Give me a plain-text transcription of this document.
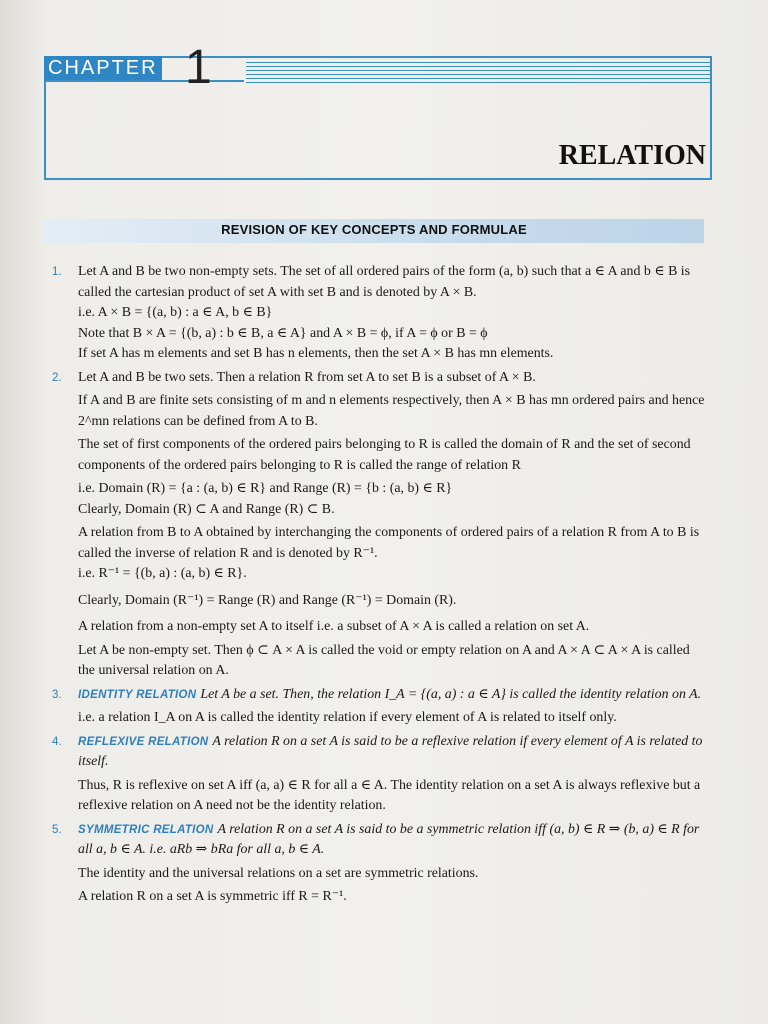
CHAPTER 1
RELATION
REVISION OF KEY CONCEPTS AND FORMULAE
1. Let A and B be two non-empty sets. The set of all ordered pairs of the form (a, b) such that a ∈ A and b ∈ B is called the cartesian product of set A with set B and is denoted by A × B.
i.e. A × B = {(a, b) : a ∈ A, b ∈ B}
Note that B × A = {(b, a) : b ∈ B, a ∈ A} and A × B = ϕ, if A = ϕ or B = ϕ
If set A has m elements and set B has n elements, then the set A × B has mn elements.
2. Let A and B be two sets. Then a relation R from set A to set B is a subset of A × B.
If A and B are finite sets consisting of m and n elements respectively, then A × B has mn ordered pairs and hence 2^mn relations can be defined from A to B.
The set of first components of the ordered pairs belonging to R is called the domain of R and the set of second components of the ordered pairs belonging to R is called the range of relation R
i.e. Domain (R) = {a : (a, b) ∈ R} and Range (R) = {b : (a, b) ∈ R}
Clearly, Domain (R) ⊂ A and Range (R) ⊂ B.
A relation from B to A obtained by interchanging the components of ordered pairs of a relation R from A to B is called the inverse of relation R and is denoted by R⁻¹.
i.e. R⁻¹ = {(b, a) : (a, b) ∈ R}.
Clearly, Domain (R⁻¹) = Range (R) and Range (R⁻¹) = Domain (R).
A relation from a non-empty set A to itself i.e. a subset of A × A is called a relation on set A.
Let A be non-empty set. Then ϕ ⊂ A × A is called the void or empty relation on A and A × A ⊂ A × A is called the universal relation on A.
3. IDENTITY RELATION Let A be a set. Then, the relation I_A = {(a, a) : a ∈ A} is called the identity relation on A.
i.e. a relation I_A on A is called the identity relation if every element of A is related to itself only.
4. REFLEXIVE RELATION A relation R on a set A is said to be a reflexive relation if every element of A is related to itself.
Thus, R is reflexive on set A iff (a, a) ∈ R for all a ∈ A. The identity relation on a set A is always reflexive but a reflexive relation on A need not be the identity relation.
5. SYMMETRIC RELATION A relation R on a set A is said to be a symmetric relation iff (a, b) ∈ R ⇒ (b, a) ∈ R for all a, b ∈ A. i.e. aRb ⇒ bRa for all a, b ∈ A.
The identity and the universal relations on a set are symmetric relations.
A relation R on a set A is symmetric iff R = R⁻¹.
